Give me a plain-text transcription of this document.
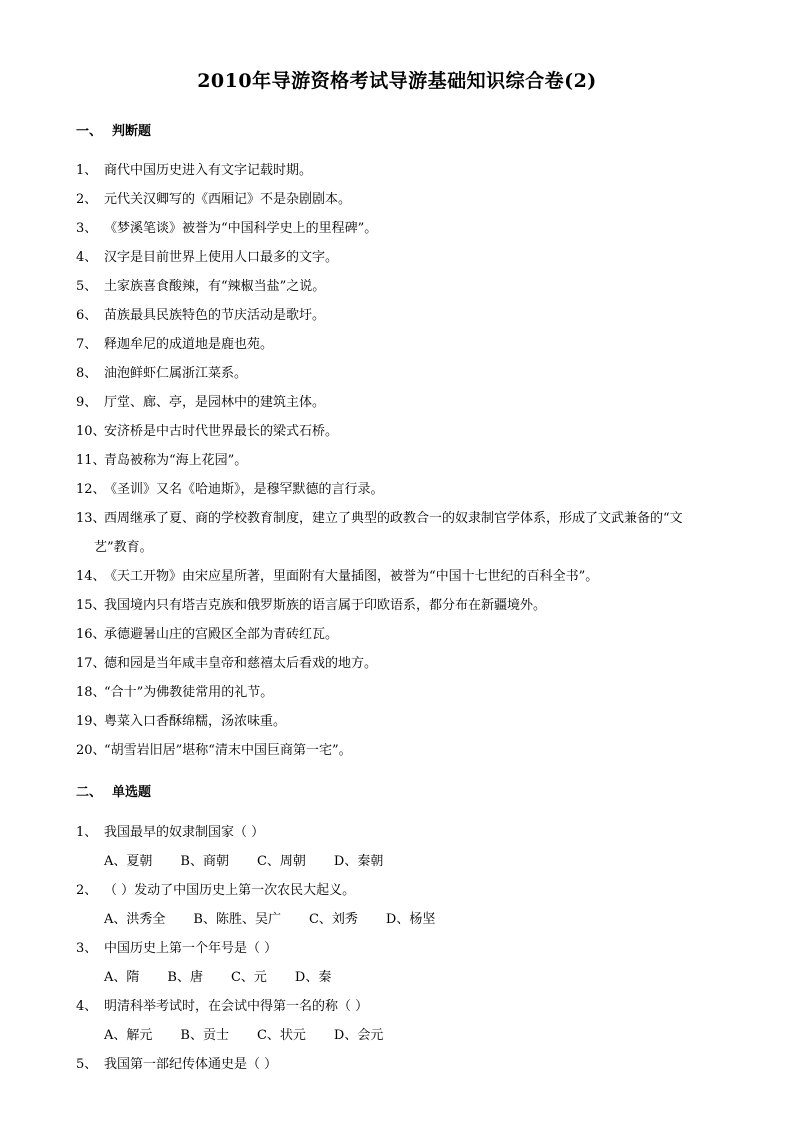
2010年导游资格考试导游基础知识综合卷(2)
一、 判断题
1、 商代中国历史进入有文字记载时期。
2、 元代关汉卿写的《西厢记》不是杂剧剧本。
3、 《梦溪笔谈》被誉为“中国科学史上的里程碑”。
4、 汉字是目前世界上使用人口最多的文字。
5、 土家族喜食酸辣，有“辣椒当盐”之说。
6、 苗族最具民族特色的节庆活动是歌圩。
7、 释迦牟尼的成道地是鹿也苑。
8、 油泡鲜虾仁属浙江菜系。
9、 厅堂、廊、亭，是园林中的建筑主体。
10、安济桥是中古时代世界最长的梁式石桥。
11、青岛被称为“海上花园”。
12、《圣训》又名《哈迪斯》，是穆罕默德的言行录。
13、
西周继承了夏、商的学校教育制度，建立了典型的政教合一的奴隶制官学体系，形成了文武兼备的“文
艺”教育。
14、《天工开物》由宋应星所著，里面附有大量插图，被誉为“中国十七世纪的百科全书”。
15、我国境内只有塔吉克族和俄罗斯族的语言属于印欧语系，都分布在新疆境外。
16、承德避暑山庄的宫殿区全部为青砖红瓦。
17、德和园是当年咸丰皇帝和慈禧太后看戏的地方。
18、“合十”为佛教徒常用的礼节。
19、粤菜入口香酥绵糯，汤浓味重。
20、“胡雪岩旧居”堪称“清末中国巨商第一宅”。
二、 单选题
1、 我国最早的奴隶制国家（ ）
A、夏朝 B、商朝 C、周朝 D、秦朝
2、 （ ）发动了中国历史上第一次农民大起义。
A、洪秀全 B、陈胜、吴广 C、刘秀 D、杨坚
3、 中国历史上第一个年号是（ ）
A、隋 B、唐 C、元 D、秦
4、 明清科举考试时，在会试中得第一名的称（ ）
A、解元 B、贡士 C、状元 D、会元
5、 我国第一部纪传体通史是（ ）
